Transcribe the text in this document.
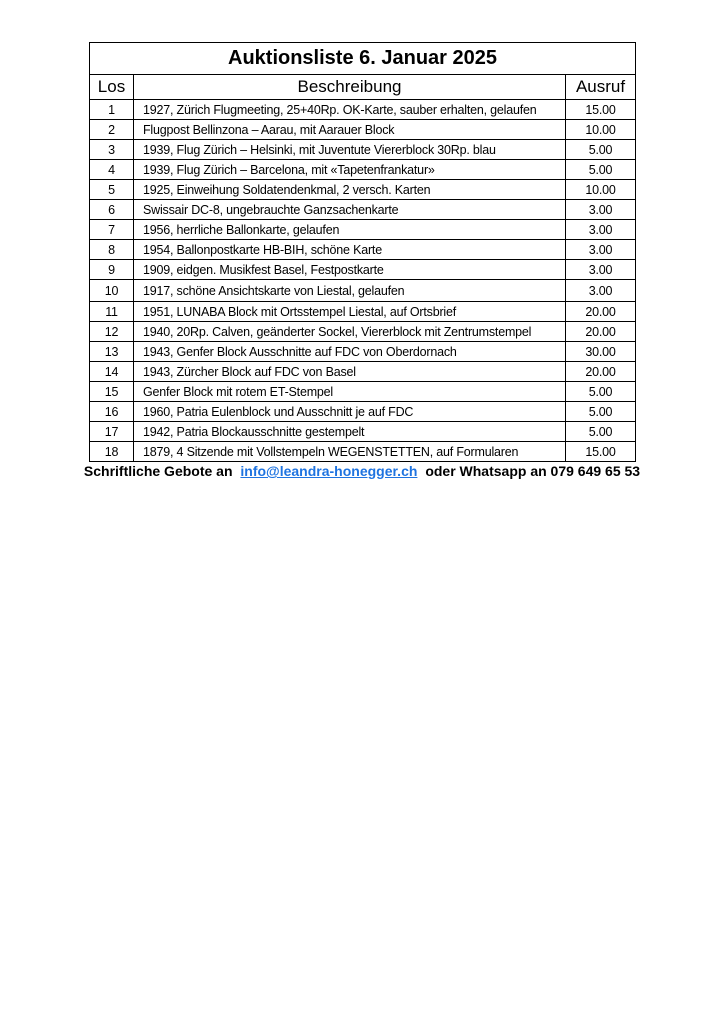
Auktionsliste 6. Januar 2025		
Los	Beschreibung	Ausruf
1	1927, Zürich Flugmeeting, 25+40Rp. OK-Karte, sauber erhalten, gelaufen	15.00
2	Flugpost Bellinzona – Aarau, mit Aarauer Block	10.00
3	1939, Flug Zürich – Helsinki, mit Juventute Viererblock 30Rp. blau	5.00
4	1939, Flug Zürich – Barcelona, mit «Tapetenfrankatur»	5.00
5	1925, Einweihung Soldatendenkmal, 2 versch. Karten	10.00
6	Swissair DC-8, ungebrauchte Ganzsachenkarte	3.00
7	1956, herrliche Ballonkarte, gelaufen	3.00
8	1954, Ballonpostkarte HB-BIH, schöne Karte	3.00
9	1909, eidgen. Musikfest Basel, Festpostkarte	3.00
10	1917, schöne Ansichtskarte von Liestal, gelaufen	3.00
11	1951, LUNABA Block mit Ortsstempel Liestal, auf Ortsbrief	20.00
12	1940, 20Rp. Calven, geänderter Sockel, Viererblock mit Zentrumstempel	20.00
13	1943, Genfer Block Ausschnitte auf FDC von Oberdornach	30.00
14	1943, Zürcher Block auf FDC von Basel	20.00
15	Genfer Block mit rotem ET-Stempel	5.00
16	1960, Patria Eulenblock und Ausschnitt je auf FDC	5.00
17	1942, Patria Blockausschnitte gestempelt	5.00
18	1879, 4 Sitzende mit Vollstempeln WEGENSTETTEN, auf Formularen	15.00
Schriftliche Gebote an info@leandra-honegger.ch oder Whatsapp an 079 649 65 53
